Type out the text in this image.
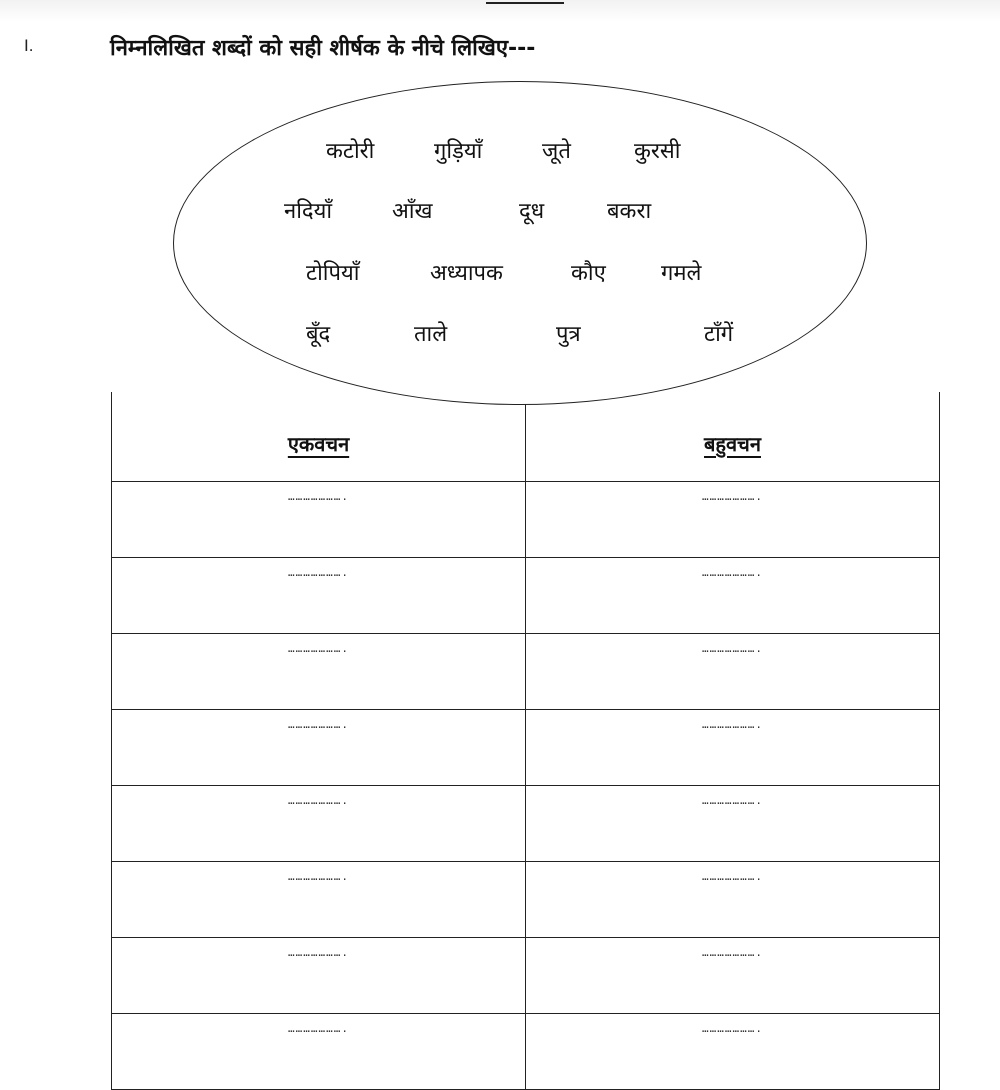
I.	निम्नलिखित शब्दों को सही शीर्षक के नीचे लिखिए---
कटोरी	गुड़ियाँ	जूते	कुरसी
नदियाँ	आँख	दूध	बकरा
टोपियाँ	अध्यापक	कौए	गमले
बूँद	ताले	पुत्र	टाँगें
एकवचन	बहुवचन
………………….	………………….
………………….	………………….
………………….	………………….
………………….	………………….
………………….	………………….
………………….	………………….
………………….	………………….
………………….	………………….
